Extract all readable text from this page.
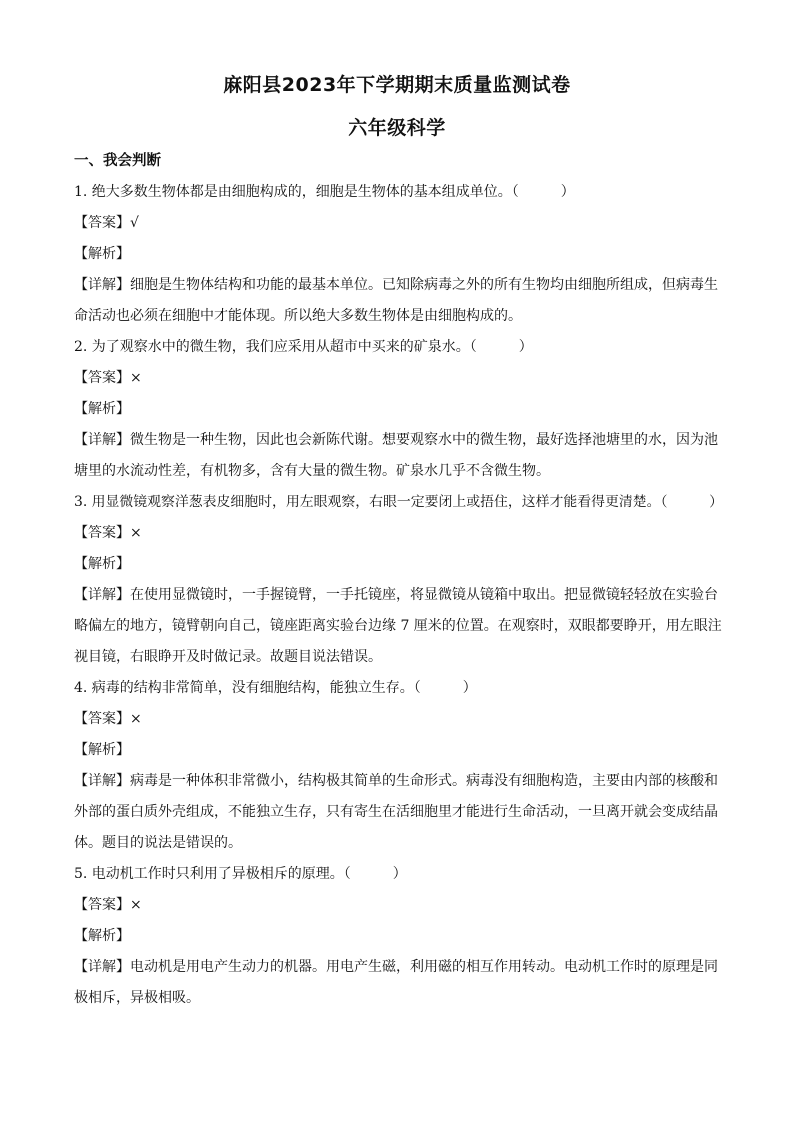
麻阳县2023年下学期期末质量监测试卷
六年级科学
一、我会判断
1. 绝大多数生物体都是由细胞构成的，细胞是生物体的基本组成单位。（　　　）
【答案】√
【解析】
【详解】细胞是生物体结构和功能的最基本单位。已知除病毒之外的所有生物均由细胞所组成，但病毒生
命活动也必须在细胞中才能体现。所以绝大多数生物体是由细胞构成的。
2. 为了观察水中的微生物，我们应采用从超市中买来的矿泉水。（　　　）
【答案】×
【解析】
【详解】微生物是一种生物，因此也会新陈代谢。想要观察水中的微生物，最好选择池塘里的水，因为池
塘里的水流动性差，有机物多，含有大量的微生物。矿泉水几乎不含微生物。
3. 用显微镜观察洋葱表皮细胞时，用左眼观察，右眼一定要闭上或捂住，这样才能看得更清楚。（　　　）
【答案】×
【解析】
【详解】在使用显微镜时，一手握镜臂，一手托镜座，将显微镜从镜箱中取出。把显微镜轻轻放在实验台
略偏左的地方，镜臂朝向自己，镜座距离实验台边缘 7 厘米的位置。在观察时，双眼都要睁开，用左眼注
视目镜，右眼睁开及时做记录。故题目说法错误。
4. 病毒的结构非常简单，没有细胞结构，能独立生存。（　　　）
【答案】×
【解析】
【详解】病毒是一种体积非常微小，结构极其简单的生命形式。病毒没有细胞构造，主要由内部的核酸和
外部的蛋白质外壳组成，不能独立生存，只有寄生在活细胞里才能进行生命活动，一旦离开就会变成结晶
体。题目的说法是错误的。
5. 电动机工作时只利用了异极相斥的原理。（　　　）
【答案】×
【解析】
【详解】电动机是用电产生动力的机器。用电产生磁，利用磁的相互作用转动。电动机工作时的原理是同
极相斥，异极相吸。
